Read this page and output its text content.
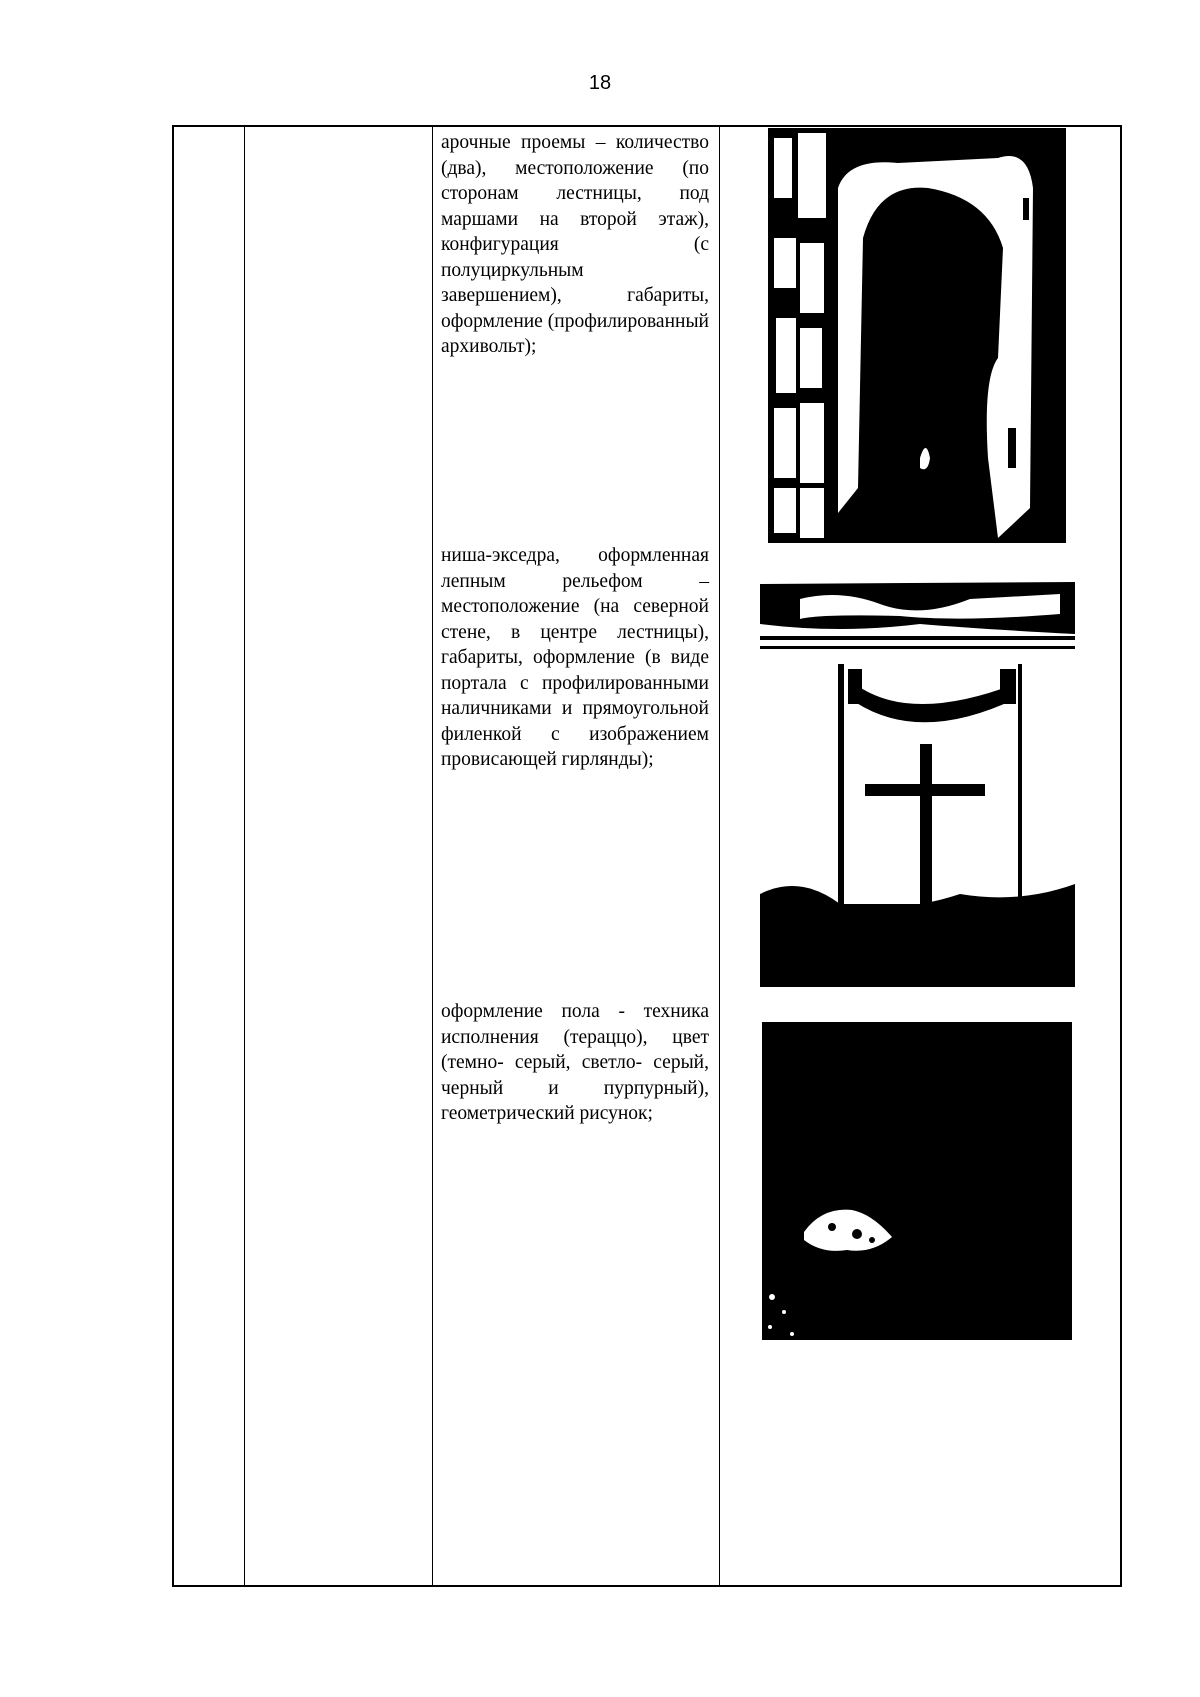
18
арочные проемы – количество (два), местоположение (по сторонам лестницы, под маршами на второй этаж), конфигурация (с полуциркульным завершением), габариты, оформление (профилированный архивольт);
ниша-экседра, оформленная лепным рельефом – местоположение (на северной стене, в центре лестницы), габариты, оформление (в виде портала с профилированными наличниками и прямоугольной филенкой с изображением провисающей гирлянды);
оформление пола - техника исполнения (тераццо), цвет (темно- серый, светло- серый, черный и пурпурный), геометрический рисунок;
